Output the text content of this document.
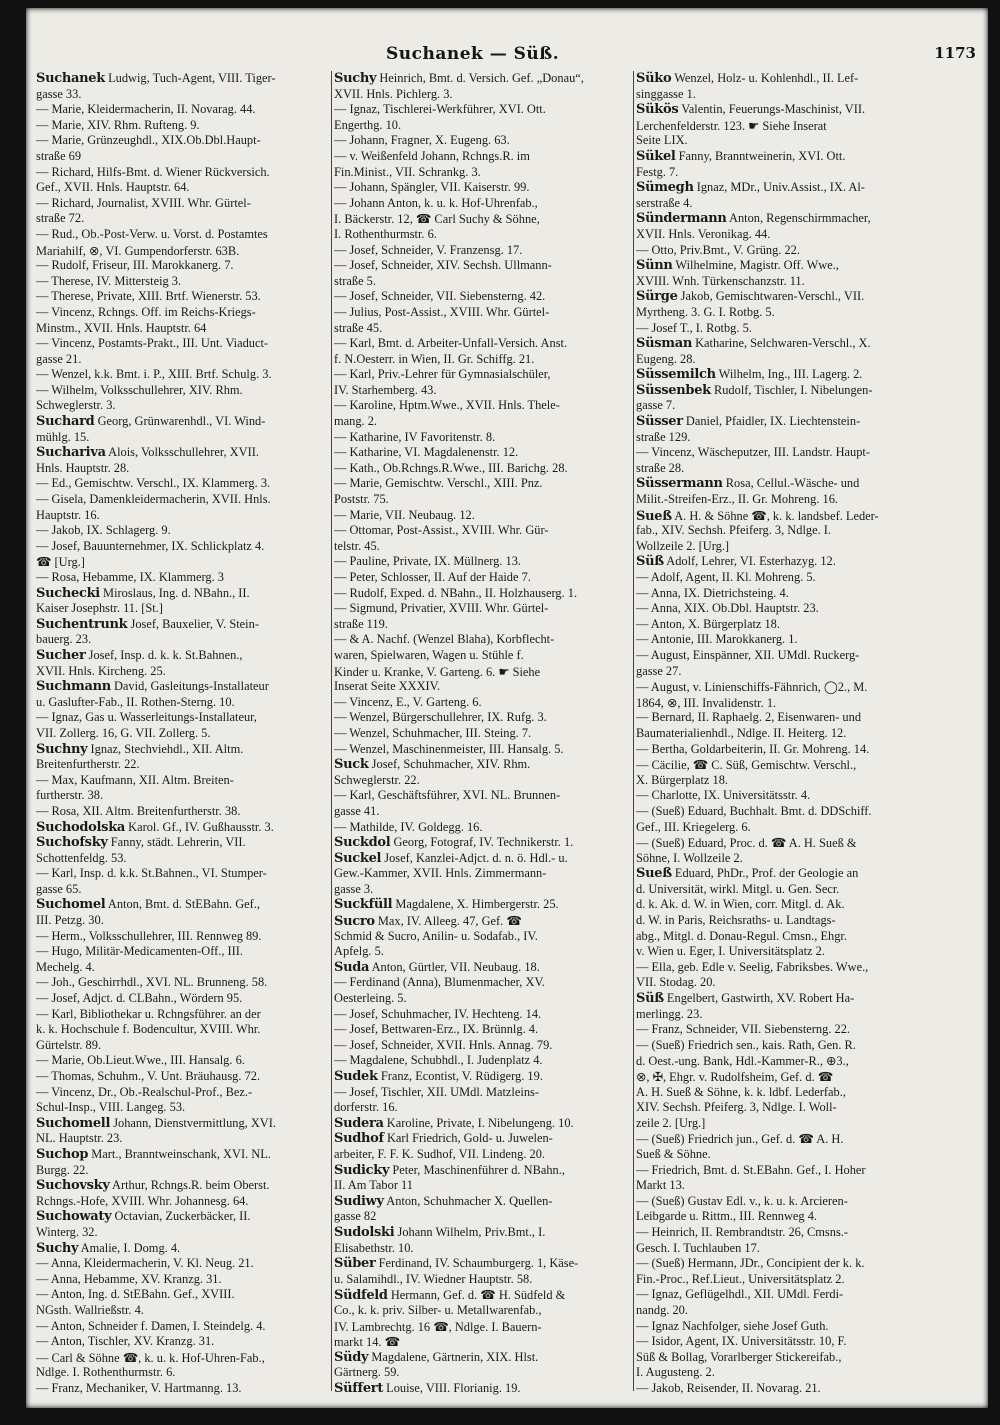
Suchanek — Süß.	1173
Suchanek Ludwig, Tuch-Agent, VIII. Tiger-
gasse 33.
— Marie, Kleidermacherin, II. Novarag. 44.
— Marie, XIV. Rhm. Rufteng. 9.
— Marie, Grünzeughdl., XIX.Ob.Dbl.Haupt-
straße 69
— Richard, Hilfs-Bmt. d. Wiener Rückversich.
Gef., XVII. Hnls. Hauptstr. 64.
— Richard, Journalist, XVIII. Whr. Gürtel-
straße 72.
— Rud., Ob.-Post-Verw. u. Vorst. d. Postamtes
Mariahilf, ⊗, VI. Gumpendorferstr. 63B.
— Rudolf, Friseur, III. Marokkanerg. 7.
— Therese, IV. Mittersteig 3.
— Therese, Private, XIII. Brtf. Wienerstr. 53.
— Vincenz, Rchngs. Off. im Reichs-Kriegs-
Minstm., XVII. Hnls. Hauptstr. 64
— Vincenz, Postamts-Prakt., III. Unt. Viaduct-
gasse 21.
— Wenzel, k.k. Bmt. i. P., XIII. Brtf. Schulg. 3.
— Wilhelm, Volksschullehrer, XIV. Rhm.
Schweglerstr. 3.
Suchard Georg, Grünwarenhdl., VI. Wind-
mühlg. 15.
Suchariva Alois, Volksschullehrer, XVII.
Hnls. Hauptstr. 28.
— Ed., Gemischtw. Verschl., IX. Klammerg. 3.
— Gisela, Damenkleidermacherin, XVII. Hnls.
Hauptstr. 16.
— Jakob, IX. Schlagerg. 9.
— Josef, Bauunternehmer, IX. Schlickplatz 4.
☎ [Urg.]
— Rosa, Hebamme, IX. Klammerg. 3
Suchecki Miroslaus, Ing. d. NBahn., II.
Kaiser Josephstr. 11. [St.]
Suchentrunk Josef, Bauxelier, V. Stein-
bauerg. 23.
Sucher Josef, Insp. d. k. k. St.Bahnen.,
XVII. Hnls. Kircheng. 25.
Suchmann David, Gasleitungs-Installateur
u. Gaslufter-Fab., II. Rothen-Sterng. 10.
— Ignaz, Gas u. Wasserleitungs-Installateur,
VII. Zollerg. 16, G. VII. Zollerg. 5.
Suchny Ignaz, Stechviehdl., XII. Altm.
Breitenfurtherstr. 22.
— Max, Kaufmann, XII. Altm. Breiten-
furtherstr. 38.
— Rosa, XII. Altm. Breitenfurtherstr. 38.
Suchodolska Karol. Gf., IV. Gußhausstr. 3.
Suchofsky Fanny, städt. Lehrerin, VII.
Schottenfeldg. 53.
— Karl, Insp. d. k.k. St.Bahnen., VI. Stumper-
gasse 65.
Suchomel Anton, Bmt. d. StEBahn. Gef.,
III. Petzg. 30.
— Herm., Volksschullehrer, III. Rennweg 89.
— Hugo, Militär-Medicamenten-Off., III.
Mechelg. 4.
— Joh., Geschirrhdl., XVI. NL. Brunneng. 58.
— Josef, Adjct. d. CLBahn., Wördern 95.
— Karl, Bibliothekar u. Rchngsführer. an der
k. k. Hochschule f. Bodencultur, XVIII. Whr.
Gürtelstr. 89.
— Marie, Ob.Lieut.Wwe., III. Hansalg. 6.
— Thomas, Schuhm., V. Unt. Bräuhausg. 72.
— Vincenz, Dr., Ob.-Realschul-Prof., Bez.-
Schul-Insp., VIII. Langeg. 53.
Suchomell Johann, Dienstvermittlung, XVI.
NL. Hauptstr. 23.
Suchop Mart., Branntweinschank, XVI. NL.
Burgg. 22.
Suchovsky Arthur, Rchngs.R. beim Oberst.
Rchngs.-Hofe, XVIII. Whr. Johannesg. 64.
Suchowaty Octavian, Zuckerbäcker, II.
Winterg. 32.
Suchy Amalie, I. Domg. 4.
— Anna, Kleidermacherin, V. Kl. Neug. 21.
— Anna, Hebamme, XV. Kranzg. 31.
— Anton, Ing. d. StEBahn. Gef., XVIII.
NGsth. Wallrießstr. 4.
— Anton, Schneider f. Damen, I. Steindelg. 4.
— Anton, Tischler, XV. Kranzg. 31.
— Carl & Söhne ☎, k. u. k. Hof-Uhren-Fab.,
Ndlge. I. Rothenthurmstr. 6.
— Franz, Mechaniker, V. Hartmanng. 13.
Suchy Heinrich, Bmt. d. Versich. Gef. „Donau“,
XVII. Hnls. Pichlerg. 3.
— Ignaz, Tischlerei-Werkführer, XVI. Ott.
Engerthg. 10.
— Johann, Fragner, X. Eugeng. 63.
— v. Weißenfeld Johann, Rchngs.R. im
Fin.Minist., VII. Schrankg. 3.
— Johann, Spängler, VII. Kaiserstr. 99.
— Johann Anton, k. u. k. Hof-Uhrenfab.,
I. Bäckerstr. 12, ☎ Carl Suchy & Söhne,
I. Rothenthurmstr. 6.
— Josef, Schneider, V. Franzensg. 17.
— Josef, Schneider, XIV. Sechsh. Ullmann-
straße 5.
— Josef, Schneider, VII. Siebensterng. 42.
— Julius, Post-Assist., XVIII. Whr. Gürtel-
straße 45.
— Karl, Bmt. d. Arbeiter-Unfall-Versich. Anst.
f. N.Oesterr. in Wien, II. Gr. Schiffg. 21.
— Karl, Priv.-Lehrer für Gymnasialschüler,
IV. Starhemberg. 43.
— Karoline, Hptm.Wwe., XVII. Hnls. Thele-
mang. 2.
— Katharine, IV Favoritenstr. 8.
— Katharine, VI. Magdalenenstr. 12.
— Kath., Ob.Rchngs.R.Wwe., III. Barichg. 28.
— Marie, Gemischtw. Verschl., XIII. Pnz.
Poststr. 75.
— Marie, VII. Neubaug. 12.
— Ottomar, Post-Assist., XVIII. Whr. Gür-
telstr. 45.
— Pauline, Private, IX. Müllnerg. 13.
— Peter, Schlosser, II. Auf der Haide 7.
— Rudolf, Exped. d. NBahn., II. Holzhauserg. 1.
— Sigmund, Privatier, XVIII. Whr. Gürtel-
straße 119.
— & A. Nachf. (Wenzel Blaha), Korbflecht-
waren, Spielwaren, Wagen u. Stühle f.
Kinder u. Kranke, V. Garteng. 6. ☛ Siehe
Inserat Seite XXXIV.
— Vincenz, E., V. Garteng. 6.
— Wenzel, Bürgerschullehrer, IX. Rufg. 3.
— Wenzel, Schuhmacher, III. Steing. 7.
— Wenzel, Maschinenmeister, III. Hansalg. 5.
Suck Josef, Schuhmacher, XIV. Rhm.
Schweglerstr. 22.
— Karl, Geschäftsführer, XVI. NL. Brunnen-
gasse 41.
— Mathilde, IV. Goldegg. 16.
Suckdol Georg, Fotograf, IV. Technikerstr. 1.
Suckel Josef, Kanzlei-Adjct. d. n. ö. Hdl.- u.
Gew.-Kammer, XVII. Hnls. Zimmermann-
gasse 3.
Suckfüll Magdalene, X. Himbergerstr. 25.
Sucro Max, IV. Alleeg. 47, Gef. ☎
Schmid & Sucro, Anilin- u. Sodafab., IV.
Apfelg. 5.
Suda Anton, Gürtler, VII. Neubaug. 18.
— Ferdinand (Anna), Blumenmacher, XV.
Oesterleing. 5.
— Josef, Schuhmacher, IV. Hechteng. 14.
— Josef, Bettwaren-Erz., IX. Brünnlg. 4.
— Josef, Schneider, XVII. Hnls. Annag. 79.
— Magdalene, Schubhdl., I. Judenplatz 4.
Sudek Franz, Econtist, V. Rüdigerg. 19.
— Josef, Tischler, XII. UMdl. Matzleins-
dorferstr. 16.
Sudera Karoline, Private, I. Nibelungeng. 10.
Sudhof Karl Friedrich, Gold- u. Juwelen-
arbeiter, F. F. K. Sudhof, VII. Lindeng. 20.
Sudicky Peter, Maschinenführer d. NBahn.,
II. Am Tabor 11
Sudiwy Anton, Schuhmacher X. Quellen-
gasse 82
Sudolski Johann Wilhelm, Priv.Bmt., I.
Elisabethstr. 10.
Süber Ferdinand, IV. Schaumburgerg. 1, Käse-
u. Salamihdl., IV. Wiedner Hauptstr. 58.
Südfeld Hermann, Gef. d. ☎ H. Südfeld &
Co., k. k. priv. Silber- u. Metallwarenfab.,
IV. Lambrechtg. 16 ☎, Ndlge. I. Bauern-
markt 14. ☎
Südy Magdalene, Gärtnerin, XIX. Hlst.
Gärtnerg. 59.
Süffert Louise, VIII. Florianig. 19.
Süko Wenzel, Holz- u. Kohlenhdl., II. Lef-
singgasse 1.
Sükös Valentin, Feuerungs-Maschinist, VII.
Lerchenfelderstr. 123. ☛ Siehe Inserat
Seite LIX.
Sükel Fanny, Branntweinerin, XVI. Ott.
Festg. 7.
Sümegh Ignaz, MDr., Univ.Assist., IX. Al-
serstraße 4.
Sündermann Anton, Regenschirmmacher,
XVII. Hnls. Veronikag. 44.
— Otto, Priv.Bmt., V. Grüng. 22.
Sünn Wilhelmine, Magistr. Off. Wwe.,
XVIII. Wnh. Türkenschanzstr. 11.
Sürge Jakob, Gemischtwaren-Verschl., VII.
Myrtheng. 3. G. I. Rotbg. 5.
— Josef T., I. Rotbg. 5.
Süsman Katharine, Selchwaren-Verschl., X.
Eugeng. 28.
Süssemilch Wilhelm, Ing., III. Lagerg. 2.
Süssenbek Rudolf, Tischler, I. Nibelungen-
gasse 7.
Süsser Daniel, Pfaidler, IX. Liechtenstein-
straße 129.
— Vincenz, Wäscheputzer, III. Landstr. Haupt-
straße 28.
Süssermann Rosa, Cellul.-Wäsche- und
Milit.-Streifen-Erz., II. Gr. Mohreng. 16.
Sueß A. H. & Söhne ☎, k. k. landsbef. Leder-
fab., XIV. Sechsh. Pfeiferg. 3, Ndlge. I.
Wollzeile 2. [Urg.]
Süß Adolf, Lehrer, VI. Esterhazyg. 12.
— Adolf, Agent, II. Kl. Mohreng. 5.
— Anna, IX. Dietrichsteing. 4.
— Anna, XIX. Ob.Dbl. Hauptstr. 23.
— Anton, X. Bürgerplatz 18.
— Antonie, III. Marokkanerg. 1.
— August, Einspänner, XII. UMdl. Ruckerg-
gasse 27.
— August, v. Linienschiffs-Fähnrich, ◯2., M.
1864, ⊗, III. Invalidenstr. 1.
— Bernard, II. Raphaelg. 2, Eisenwaren- und
Baumaterialienhdl., Ndlge. II. Heiterg. 12.
— Bertha, Goldarbeiterin, II. Gr. Mohreng. 14.
— Cäcilie, ☎ C. Süß, Gemischtw. Verschl.,
X. Bürgerplatz 18.
— Charlotte, IX. Universitätsstr. 4.
— (Sueß) Eduard, Buchhalt. Bmt. d. DDSchiff.
Gef., III. Kriegelerg. 6.
— (Sueß) Eduard, Proc. d. ☎ A. H. Sueß &
Söhne, I. Wollzeile 2.
Sueß Eduard, PhDr., Prof. der Geologie an
d. Universität, wirkl. Mitgl. u. Gen. Secr.
d. k. Ak. d. W. in Wien, corr. Mitgl. d. Ak.
d. W. in Paris, Reichsraths- u. Landtags-
abg., Mitgl. d. Donau-Regul. Cmsn., Ehgr.
v. Wien u. Eger, I. Universitätsplatz 2.
— Ella, geb. Edle v. Seelig, Fabriksbes. Wwe.,
VII. Stodag. 20.
Süß Engelbert, Gastwirth, XV. Robert Ha-
merlingg. 23.
— Franz, Schneider, VII. Siebensterng. 22.
— (Sueß) Friedrich sen., kais. Rath, Gen. R.
d. Oest.-ung. Bank, Hdl.-Kammer-R., ⊕3.,
⊗, ✠, Ehgr. v. Rudolfsheim, Gef. d. ☎
A. H. Sueß & Söhne, k. k. ldbf. Lederfab.,
XIV. Sechsh. Pfeiferg. 3, Ndlge. I. Woll-
zeile 2. [Urg.]
— (Sueß) Friedrich jun., Gef. d. ☎ A. H.
Sueß & Söhne.
— Friedrich, Bmt. d. St.EBahn. Gef., I. Hoher
Markt 13.
— (Sueß) Gustav Edl. v., k. u. k. Arcieren-
Leibgarde u. Rittm., III. Rennweg 4.
— Heinrich, II. Rembrandtstr. 26, Cmsns.-
Gesch. I. Tuchlauben 17.
— (Sueß) Hermann, JDr., Concipient der k. k.
Fin.-Proc., Ref.Lieut., Universitätsplatz 2.
— Ignaz, Geflügelhdl., XII. UMdl. Ferdi-
nandg. 20.
— Ignaz Nachfolger, siehe Josef Guth.
— Isidor, Agent, IX. Universitätsstr. 10, F.
Süß & Bollag, Vorarlberger Stickereifab.,
I. Augusteng. 2.
— Jakob, Reisender, II. Novarag. 21.
